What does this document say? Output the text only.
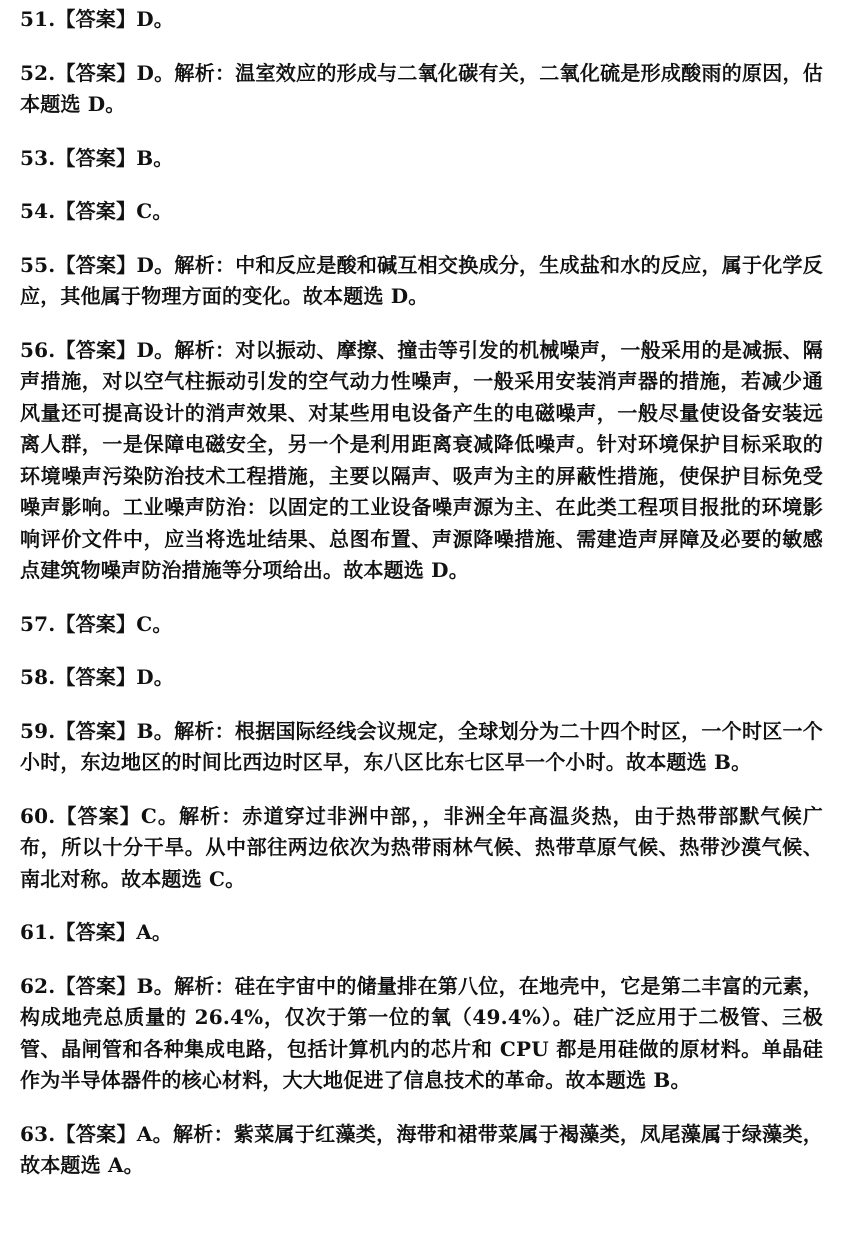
51.【答案】D。

52.【答案】D。解析：温室效应的形成与二氧化碳有关，二氧化硫是形成酸雨的原因，估本题选 D。

53.【答案】B。

54.【答案】C。

55.【答案】D。解析：中和反应是酸和碱互相交换成分，生成盐和水的反应，属于化学反应，其他属于物理方面的变化。故本题选 D。

56.【答案】D。解析：对以振动、摩擦、撞击等引发的机械噪声，一般采用的是减振、隔声措施，对以空气柱振动引发的空气动力性噪声，一般采用安装消声器的措施，若减少通风量还可提高设计的消声效果、对某些用电设备产生的电磁噪声，一般尽量使设备安装远离人群，一是保障电磁安全，另一个是利用距离衰减降低噪声。针对环境保护目标采取的环境噪声污染防治技术工程措施，主要以隔声、吸声为主的屏蔽性措施，使保护目标免受噪声影响。工业噪声防治：以固定的工业设备噪声源为主、在此类工程项目报批的环境影响评价文件中，应当将选址结果、总图布置、声源降噪措施、需建造声屏障及必要的敏感点建筑物噪声防治措施等分项给出。故本题选 D。

57.【答案】C。

58.【答案】D。

59.【答案】B。解析：根据国际经线会议规定，全球划分为二十四个时区，一个时区一个小时，东边地区的时间比西边时区早，东八区比东七区早一个小时。故本题选 B。

60.【答案】C。解析：赤道穿过非洲中部，，非洲全年高温炎热，由于热带部默气候广布，所以十分干旱。从中部往两边依次为热带雨林气候、热带草原气候、热带沙漠气候、南北对称。故本题选 C。

61.【答案】A。

62.【答案】B。解析：硅在宇宙中的储量排在第八位，在地壳中，它是第二丰富的元素，构成地壳总质量的 26.4%，仅次于第一位的氧（49.4%）。硅广泛应用于二极管、三极管、晶闸管和各种集成电路，包括计算机内的芯片和 CPU 都是用硅做的原材料。单晶硅作为半导体器件的核心材料，大大地促进了信息技术的革命。故本题选 B。

63.【答案】A。解析：紫菜属于红藻类，海带和裙带菜属于褐藻类，凤尾藻属于绿藻类，故本题选 A。
